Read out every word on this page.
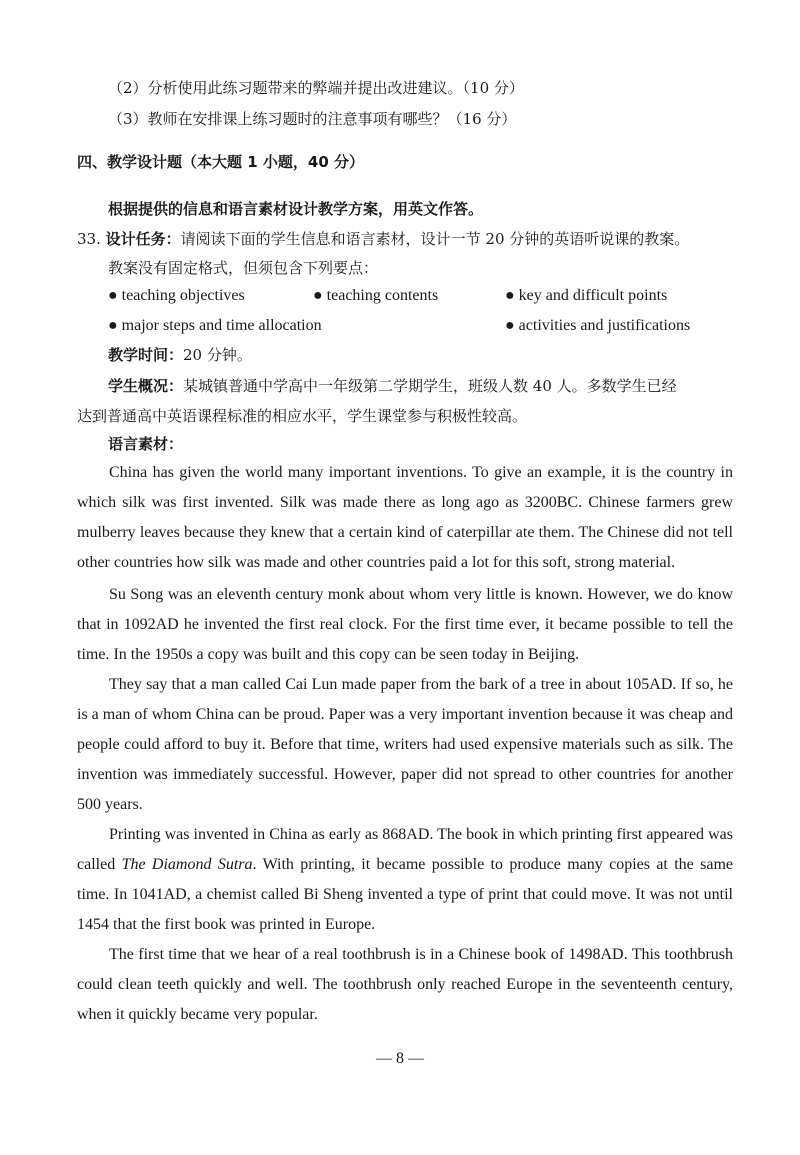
（2）分析使用此练习题带来的弊端并提出改进建议。（10 分）
（3）教师在安排课上练习题时的注意事项有哪些？（16 分）
四、教学设计题（本大题 1 小题，40 分）
根据提供的信息和语言素材设计教学方案，用英文作答。
33. 设计任务：请阅读下面的学生信息和语言素材，设计一节 20 分钟的英语听说课的教案。
教案没有固定格式，但须包含下列要点：
● teaching objectives	● teaching contents	● key and difficult points
● major steps and time allocation	● activities and justifications
教学时间：20 分钟。
学生概况：某城镇普通中学高中一年级第二学期学生，班级人数 40 人。多数学生已经
达到普通高中英语课程标准的相应水平，学生课堂参与积极性较高。
语言素材：

China has given the world many important inventions. To give an example, it is the country in which silk was first invented. Silk was made there as long ago as 3200BC. Chinese farmers grew mulberry leaves because they knew that a certain kind of caterpillar ate them. The Chinese did not tell other countries how silk was made and other countries paid a lot for this soft, strong material.

Su Song was an eleventh century monk about whom very little is known. However, we do know that in 1092AD he invented the first real clock. For the first time ever, it became possible to tell the time. In the 1950s a copy was built and this copy can be seen today in Beijing.

They say that a man called Cai Lun made paper from the bark of a tree in about 105AD. If so, he is a man of whom China can be proud. Paper was a very important invention because it was cheap and people could afford to buy it. Before that time, writers had used expensive materials such as silk. The invention was immediately successful. However, paper did not spread to other countries for another 500 years.

Printing was invented in China as early as 868AD. The book in which printing first appeared was called The Diamond Sutra. With printing, it became possible to produce many copies at the same time. In 1041AD, a chemist called Bi Sheng invented a type of print that could move. It was not until 1454 that the first book was printed in Europe.

The first time that we hear of a real toothbrush is in a Chinese book of 1498AD. This toothbrush could clean teeth quickly and well. The toothbrush only reached Europe in the seventeenth century, when it quickly became very popular.

— 8 —
